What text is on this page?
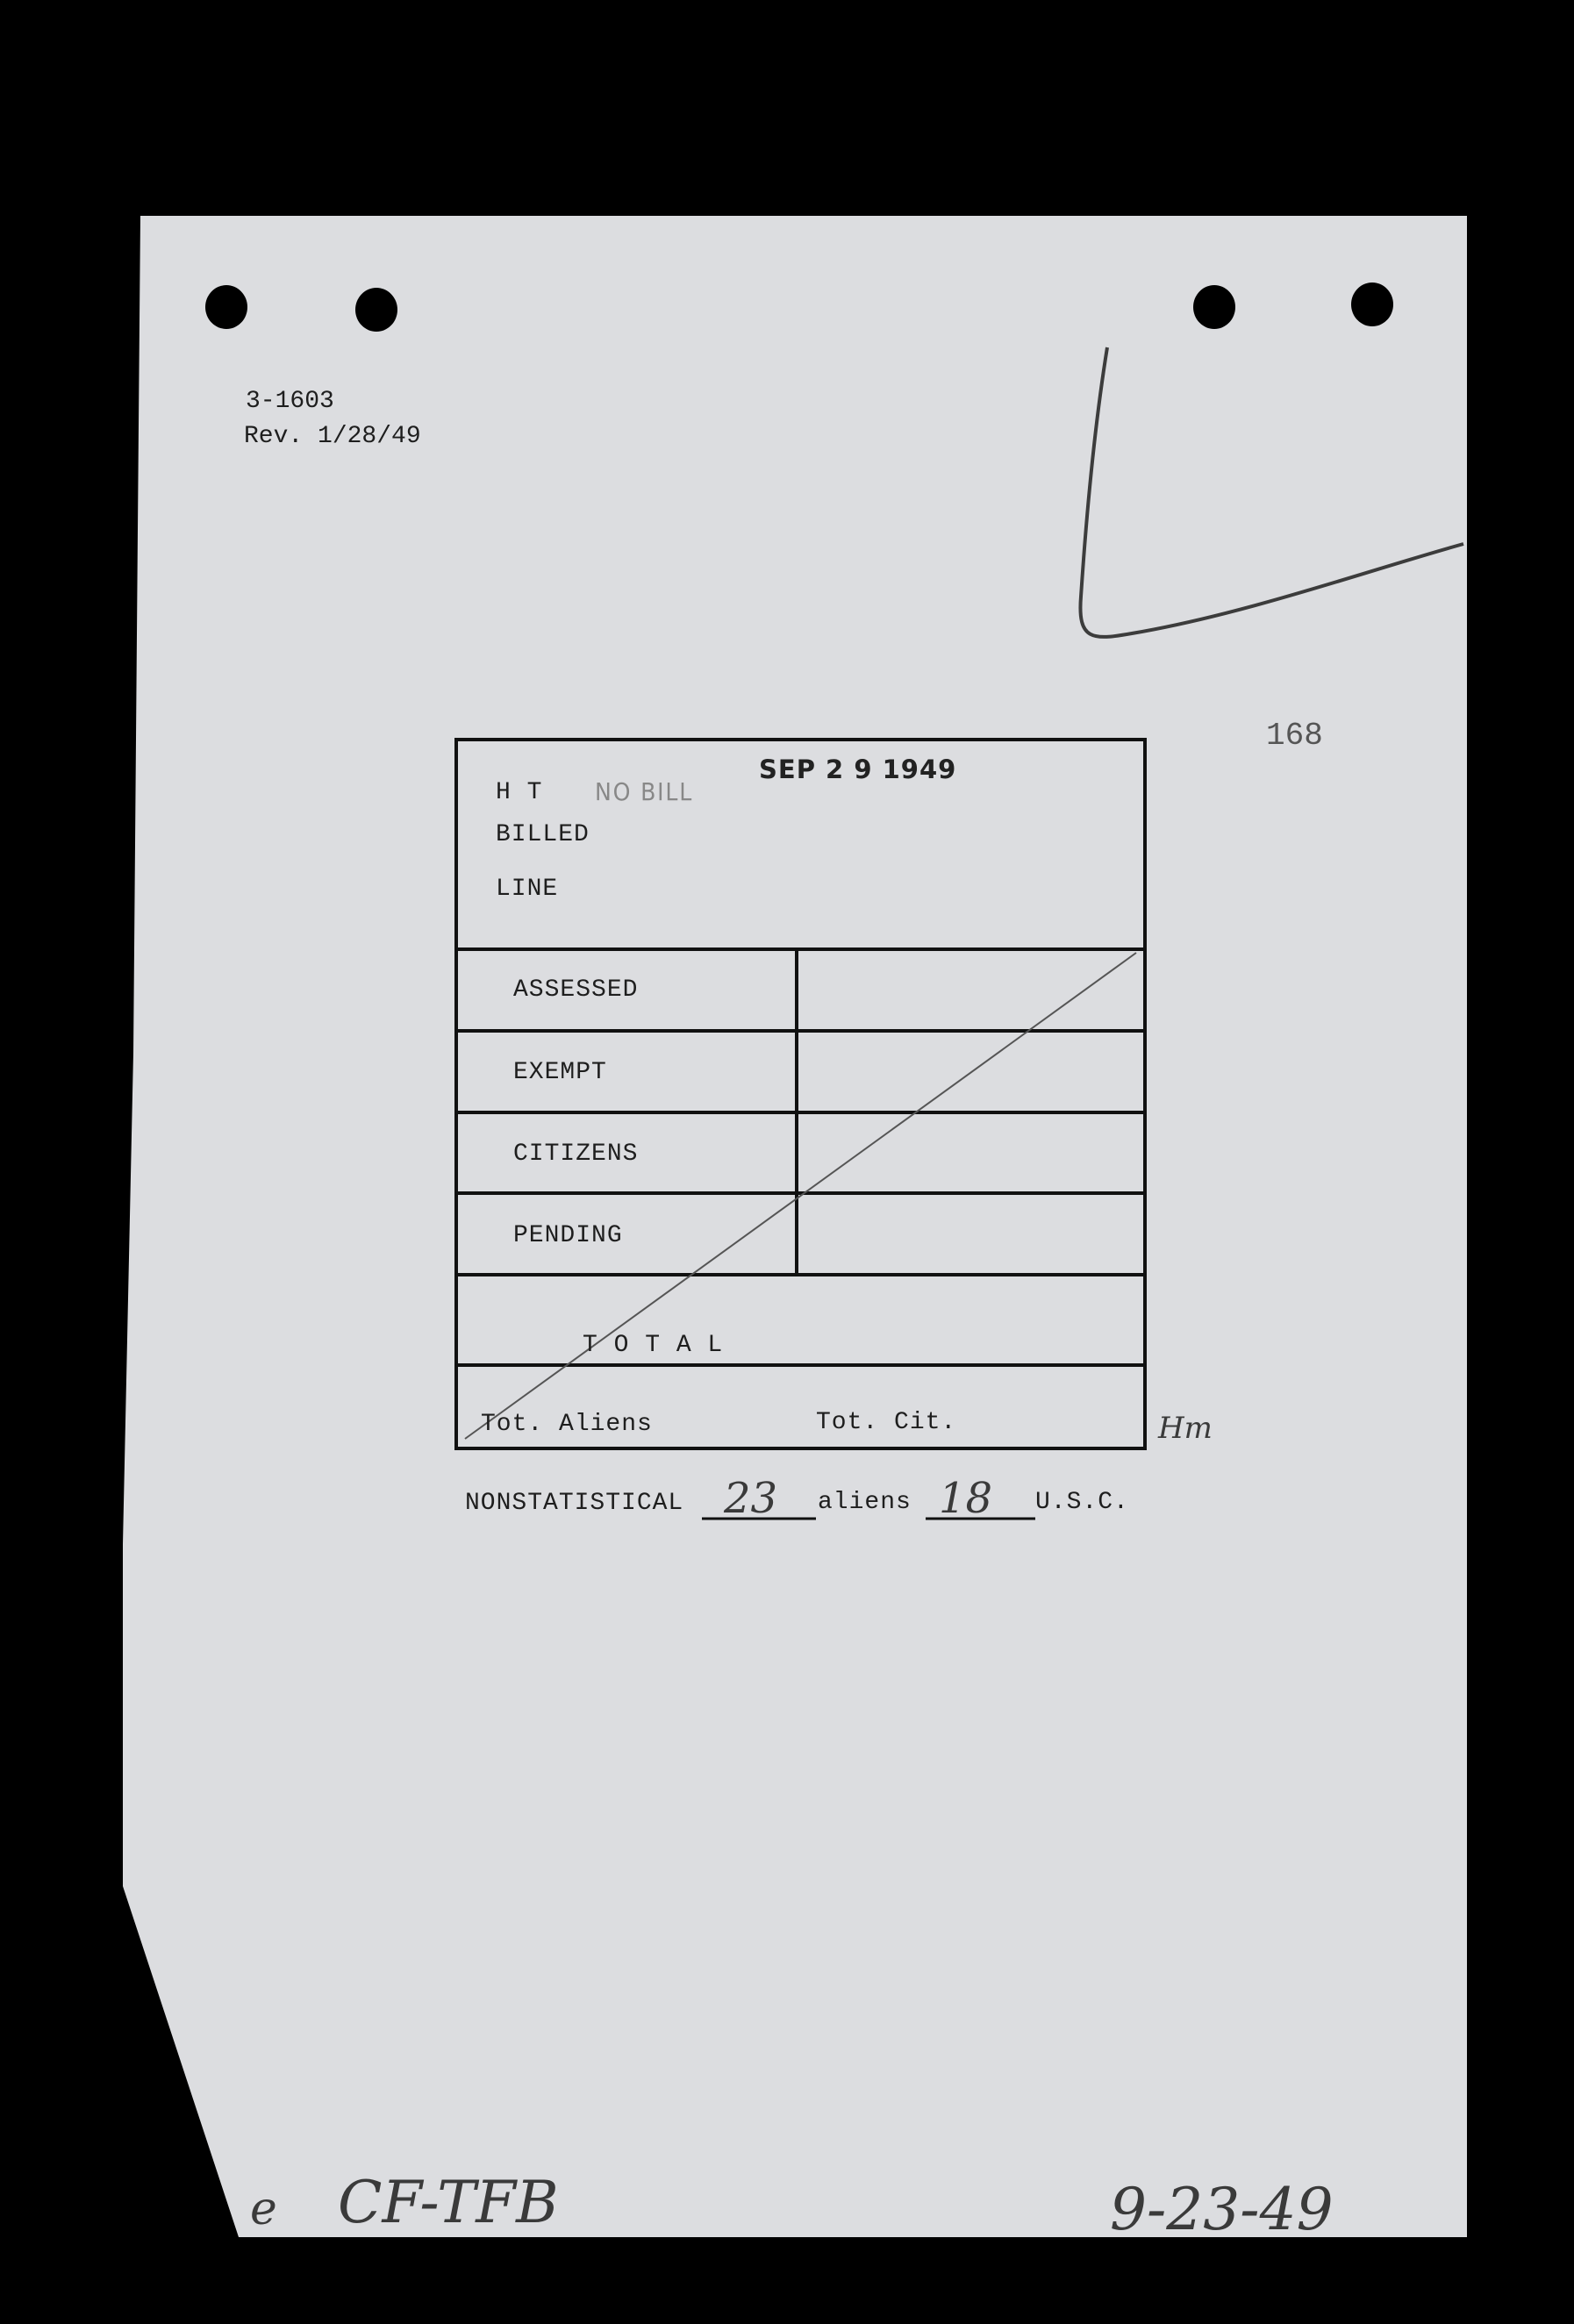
3-1603
Rev. 1/28/49
168
H T NO BILL
SEP 2 9 1949
BILLED
LINE
ASSESSED
EXEMPT
CITIZENS
PENDING
T O T A L
Tot. Aliens	Tot. Cit.	Hm
NONSTATISTICAL 23 aliens 18 U.S.C.
e CF-TFB	9-23-49
